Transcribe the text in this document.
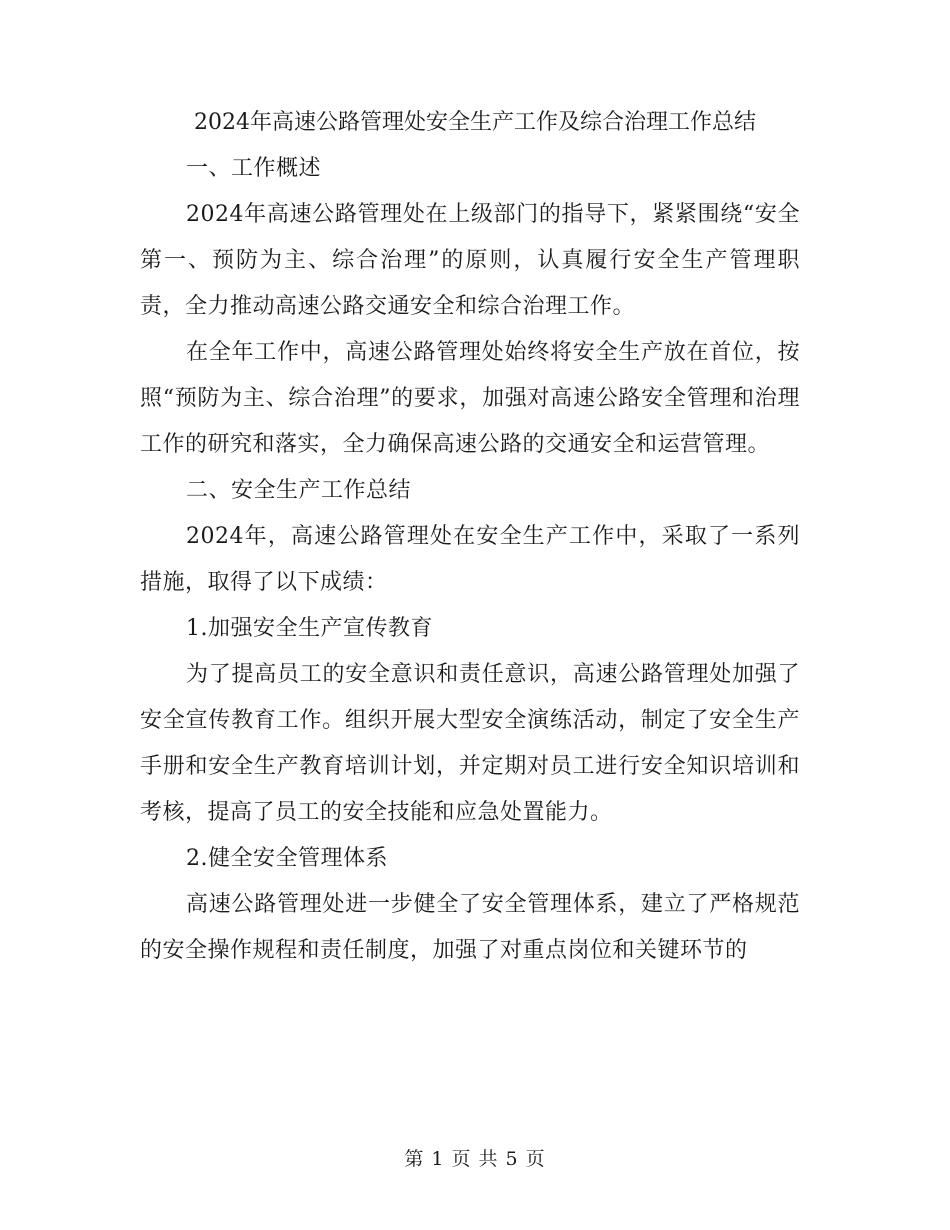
2024年高速公路管理处安全生产工作及综合治理工作总结

一、工作概述

2024年高速公路管理处在上级部门的指导下，紧紧围绕“安全第一、预防为主、综合治理”的原则，认真履行安全生产管理职责，全力推动高速公路交通安全和综合治理工作。

在全年工作中，高速公路管理处始终将安全生产放在首位，按照“预防为主、综合治理”的要求，加强对高速公路安全管理和治理工作的研究和落实，全力确保高速公路的交通安全和运营管理。

二、安全生产工作总结

2024年，高速公路管理处在安全生产工作中，采取了一系列措施，取得了以下成绩：

1.加强安全生产宣传教育

为了提高员工的安全意识和责任意识，高速公路管理处加强了安全宣传教育工作。组织开展大型安全演练活动，制定了安全生产手册和安全生产教育培训计划，并定期对员工进行安全知识培训和考核，提高了员工的安全技能和应急处置能力。

2.健全安全管理体系

高速公路管理处进一步健全了安全管理体系，建立了严格规范的安全操作规程和责任制度，加强了对重点岗位和关键环节的

第 1 页 共 5 页
